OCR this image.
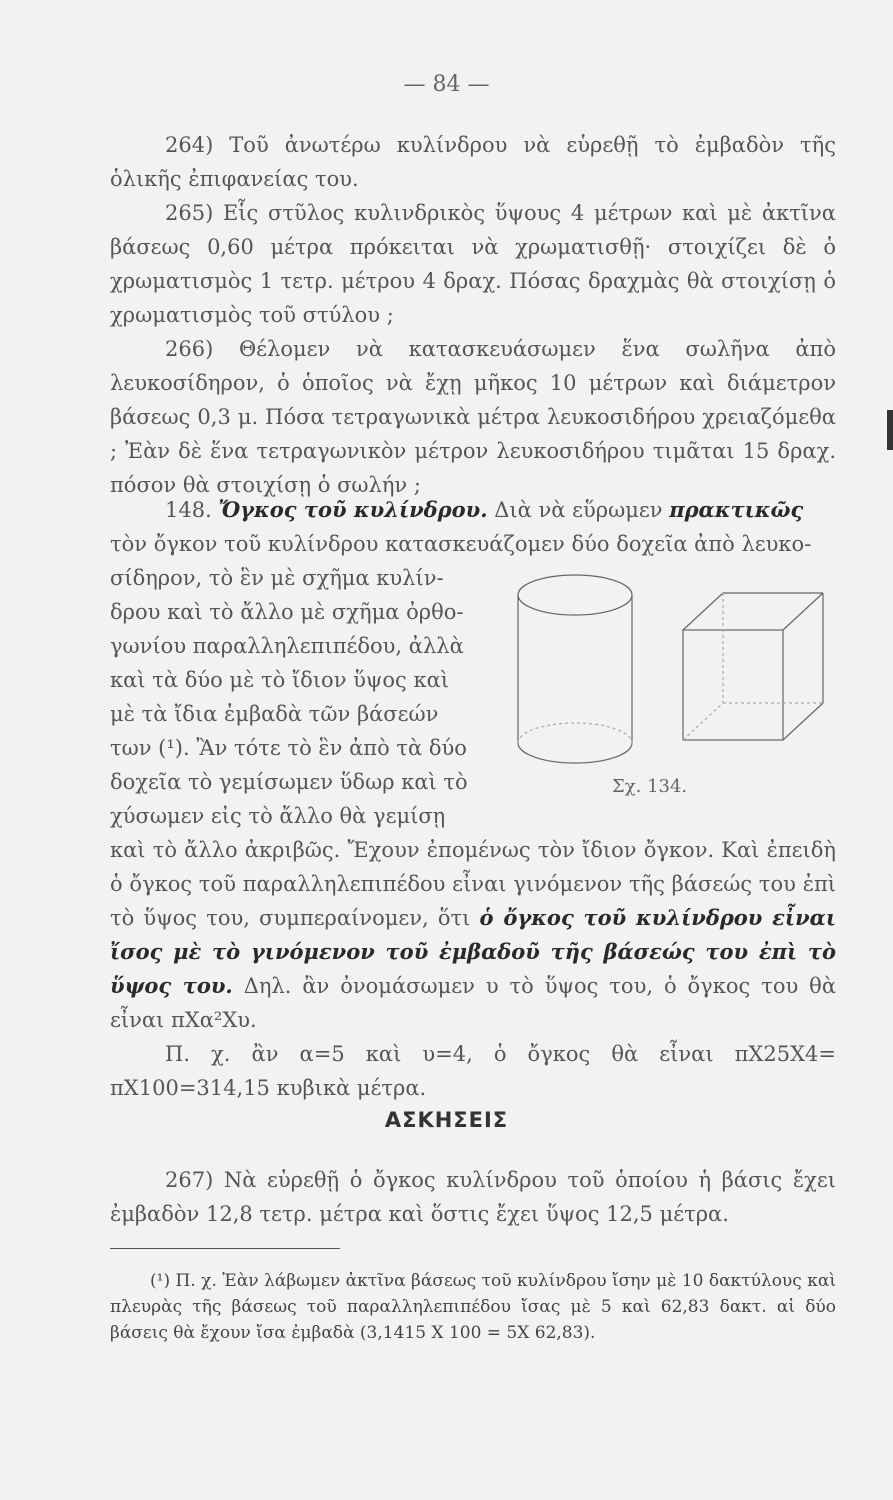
— 84 —

264) Τοῦ ἀνωτέρω κυλίνδρου νὰ εὑρεθῇ τὸ ἐμβαδὸν τῆς ὁλικῆς ἐπιφανείας του.

265) Εἷς στῦλος κυλινδρικὸς ὕψους 4 μέτρων καὶ μὲ ἀκτῖνα βάσεως 0,60 μέτρα πρόκειται νὰ χρωματισθῇ· στοιχίζει δὲ ὁ χρωματισμὸς 1 τετρ. μέτρου 4 δραχ. Πόσας δραχμὰς θὰ στοιχίσῃ ὁ χρωματισμὸς τοῦ στύλου ;

266) Θέλομεν νὰ κατασκευάσωμεν ἕνα σωλῆνα ἀπὸ λευκοσίδηρον, ὁ ὁποῖος νὰ ἔχῃ μῆκος 10 μέτρων καὶ διάμετρον βάσεως 0,3 μ. Πόσα τετραγωνικὰ μέτρα λευκοσιδήρου χρειαζόμεθα ; Ἐὰν δὲ ἕνα τετραγωνικὸν μέτρον λευκοσιδήρου τιμᾶται 15 δραχ. πόσον θὰ στοιχίσῃ ὁ σωλήν ;

148. Ὄγκος τοῦ κυλίνδρου. Διὰ νὰ εὕρωμεν πρακτικῶς

τὸν ὄγκον τοῦ κυλίνδρου κατασκευάζομεν δύο δοχεῖα ἀπὸ λευκο-
σίδηρον, τὸ ἓν μὲ σχῆμα κυλίν-
δρου καὶ τὸ ἄλλο μὲ σχῆμα ὀρθο-
γωνίου παραλληλεπιπέδου, ἀλλὰ
καὶ τὰ δύο μὲ τὸ ἴδιον ὕψος καὶ
μὲ τὰ ἴδια ἐμβαδὰ τῶν βάσεών
των (¹). Ἂν τότε τὸ ἓν ἀπὸ τὰ δύο
δοχεῖα τὸ γεμίσωμεν ὕδωρ καὶ τὸ
χύσωμεν εἰς τὸ ἄλλο θὰ γεμίσῃ
Σχ. 134.
καὶ τὸ ἄλλο ἀκριβῶς. Ἔχουν ἐπομένως τὸν ἴδιον ὄγκον. Καὶ ἐπειδὴ ὁ ὄγκος τοῦ παραλληλεπιπέδου εἶναι γινόμενον τῆς βάσεώς του ἐπὶ τὸ ὕψος του, συμπεραίνομεν, ὅτι ὁ ὄγκος τοῦ κυλίνδρου εἶναι ἴσος μὲ τὸ γινόμενον τοῦ ἐμβαδοῦ τῆς βάσεώς του ἐπὶ τὸ ὕψος του. Δηλ. ἂν ὀνομάσωμεν υ τὸ ὕψος του, ὁ ὄγκος του θὰ εἶναι πΧα²Χυ.

Π. χ. ἂν α=5 καὶ υ=4, ὁ ὄγκος θὰ εἶναι πΧ25Χ4= πΧ100=314,15 κυβικὰ μέτρα.

ΑΣΚΗΣΕΙΣ

267) Νὰ εὑρεθῇ ὁ ὄγκος κυλίνδρου τοῦ ὁποίου ἡ βάσις ἔχει ἐμβαδὸν 12,8 τετρ. μέτρα καὶ ὅστις ἔχει ὕψος 12,5 μέτρα.

(¹) Π. χ. Ἐὰν λάβωμεν ἀκτῖνα βάσεως τοῦ κυλίνδρου ἴσην μὲ 10 δακτύλους καὶ πλευρὰς τῆς βάσεως τοῦ παραλληλεπιπέδου ἴσας μὲ 5 καὶ 62,83 δακτ. αἱ δύο βάσεις θὰ ἔχουν ἴσα ἐμβαδὰ (3,1415 Χ 100 = 5Χ 62,83).
